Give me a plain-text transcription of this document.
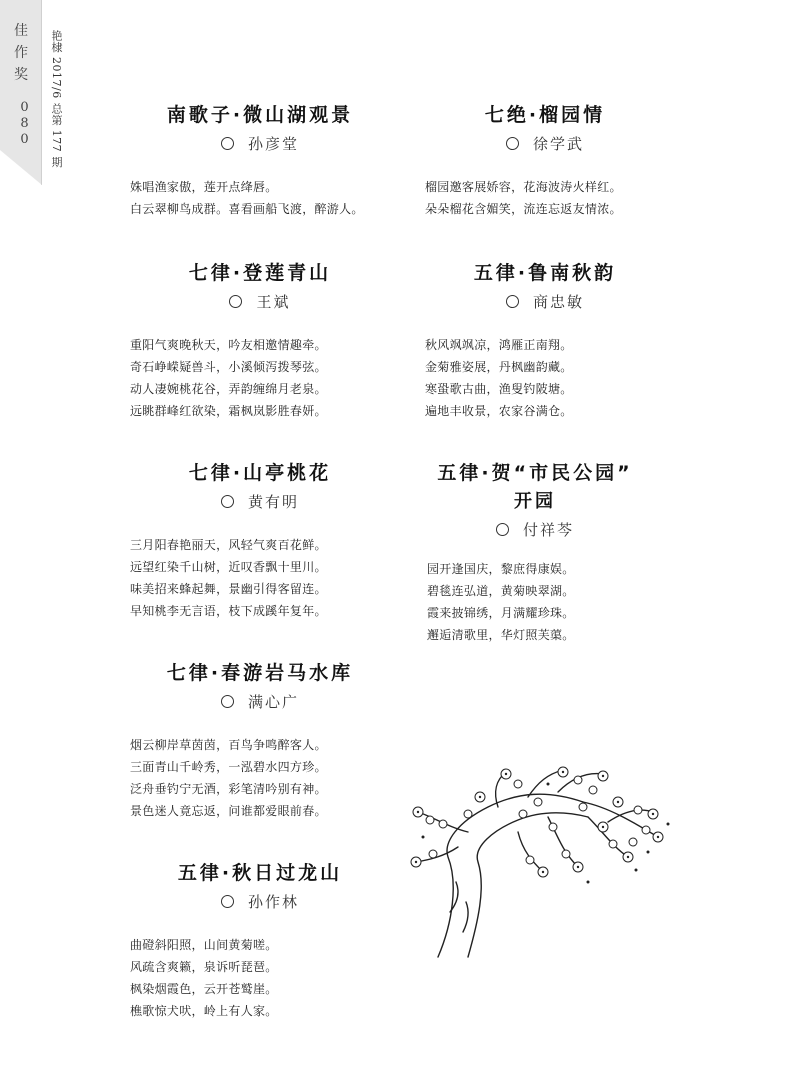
佳
作
奖
080 艳棣 2017/6 总第 177 期	南歌子·微山湖观景
孙彦堂
姝唱渔家傲，莲开点绛唇。
白云翠柳鸟成群。喜看画船飞渡，醉游人。
七绝·榴园情
徐学武
榴园邀客展娇容，花海波涛火样红。
朵朵榴花含媚笑，流连忘返友情浓。
七律·登莲青山
王斌
重阳气爽晚秋天，吟友相邀情趣牵。
奇石峥嵘疑兽斗，小溪倾泻拨琴弦。
动人凄婉桃花谷，弄韵缠绵月老泉。
远眺群峰红欲染，霜枫岚影胜春妍。
五律·鲁南秋韵
商忠敏
秋风飒飒凉，鸿雁正南翔。
金菊雅姿展，丹枫幽韵藏。
寒蛩歌古曲，渔叟钓陂塘。
遍地丰收景，农家谷满仓。
七律·山亭桃花
黄有明
三月阳春艳丽天，风轻气爽百花鲜。
远望红染千山树，近叹香飘十里川。
味美招来蜂起舞，景幽引得客留连。
早知桃李无言语，枝下成蹊年复年。
五律·贺“市民公园”
开园
付祥芩
园开逢国庆，黎庶得康娱。
碧毯连弘道，黄菊映翠湖。
霞来披锦绣，月满耀珍珠。
邂逅清歌里，华灯照芙蕖。
七律·春游岩马水库
满心广
烟云柳岸草茵茵，百鸟争鸣醉客人。
三面青山千岭秀，一泓碧水四方珍。
泛舟垂钓宁无酒，彩笔清吟别有神。
景色迷人竟忘返，问谁都爱眼前春。
五律·秋日过龙山
孙作林
曲磴斜阳照，山间黄菊嗟。
风疏含爽籁，泉诉听琵琶。
枫染烟霞色，云开苍鹫崖。
樵歌惊犬吠，岭上有人家。
